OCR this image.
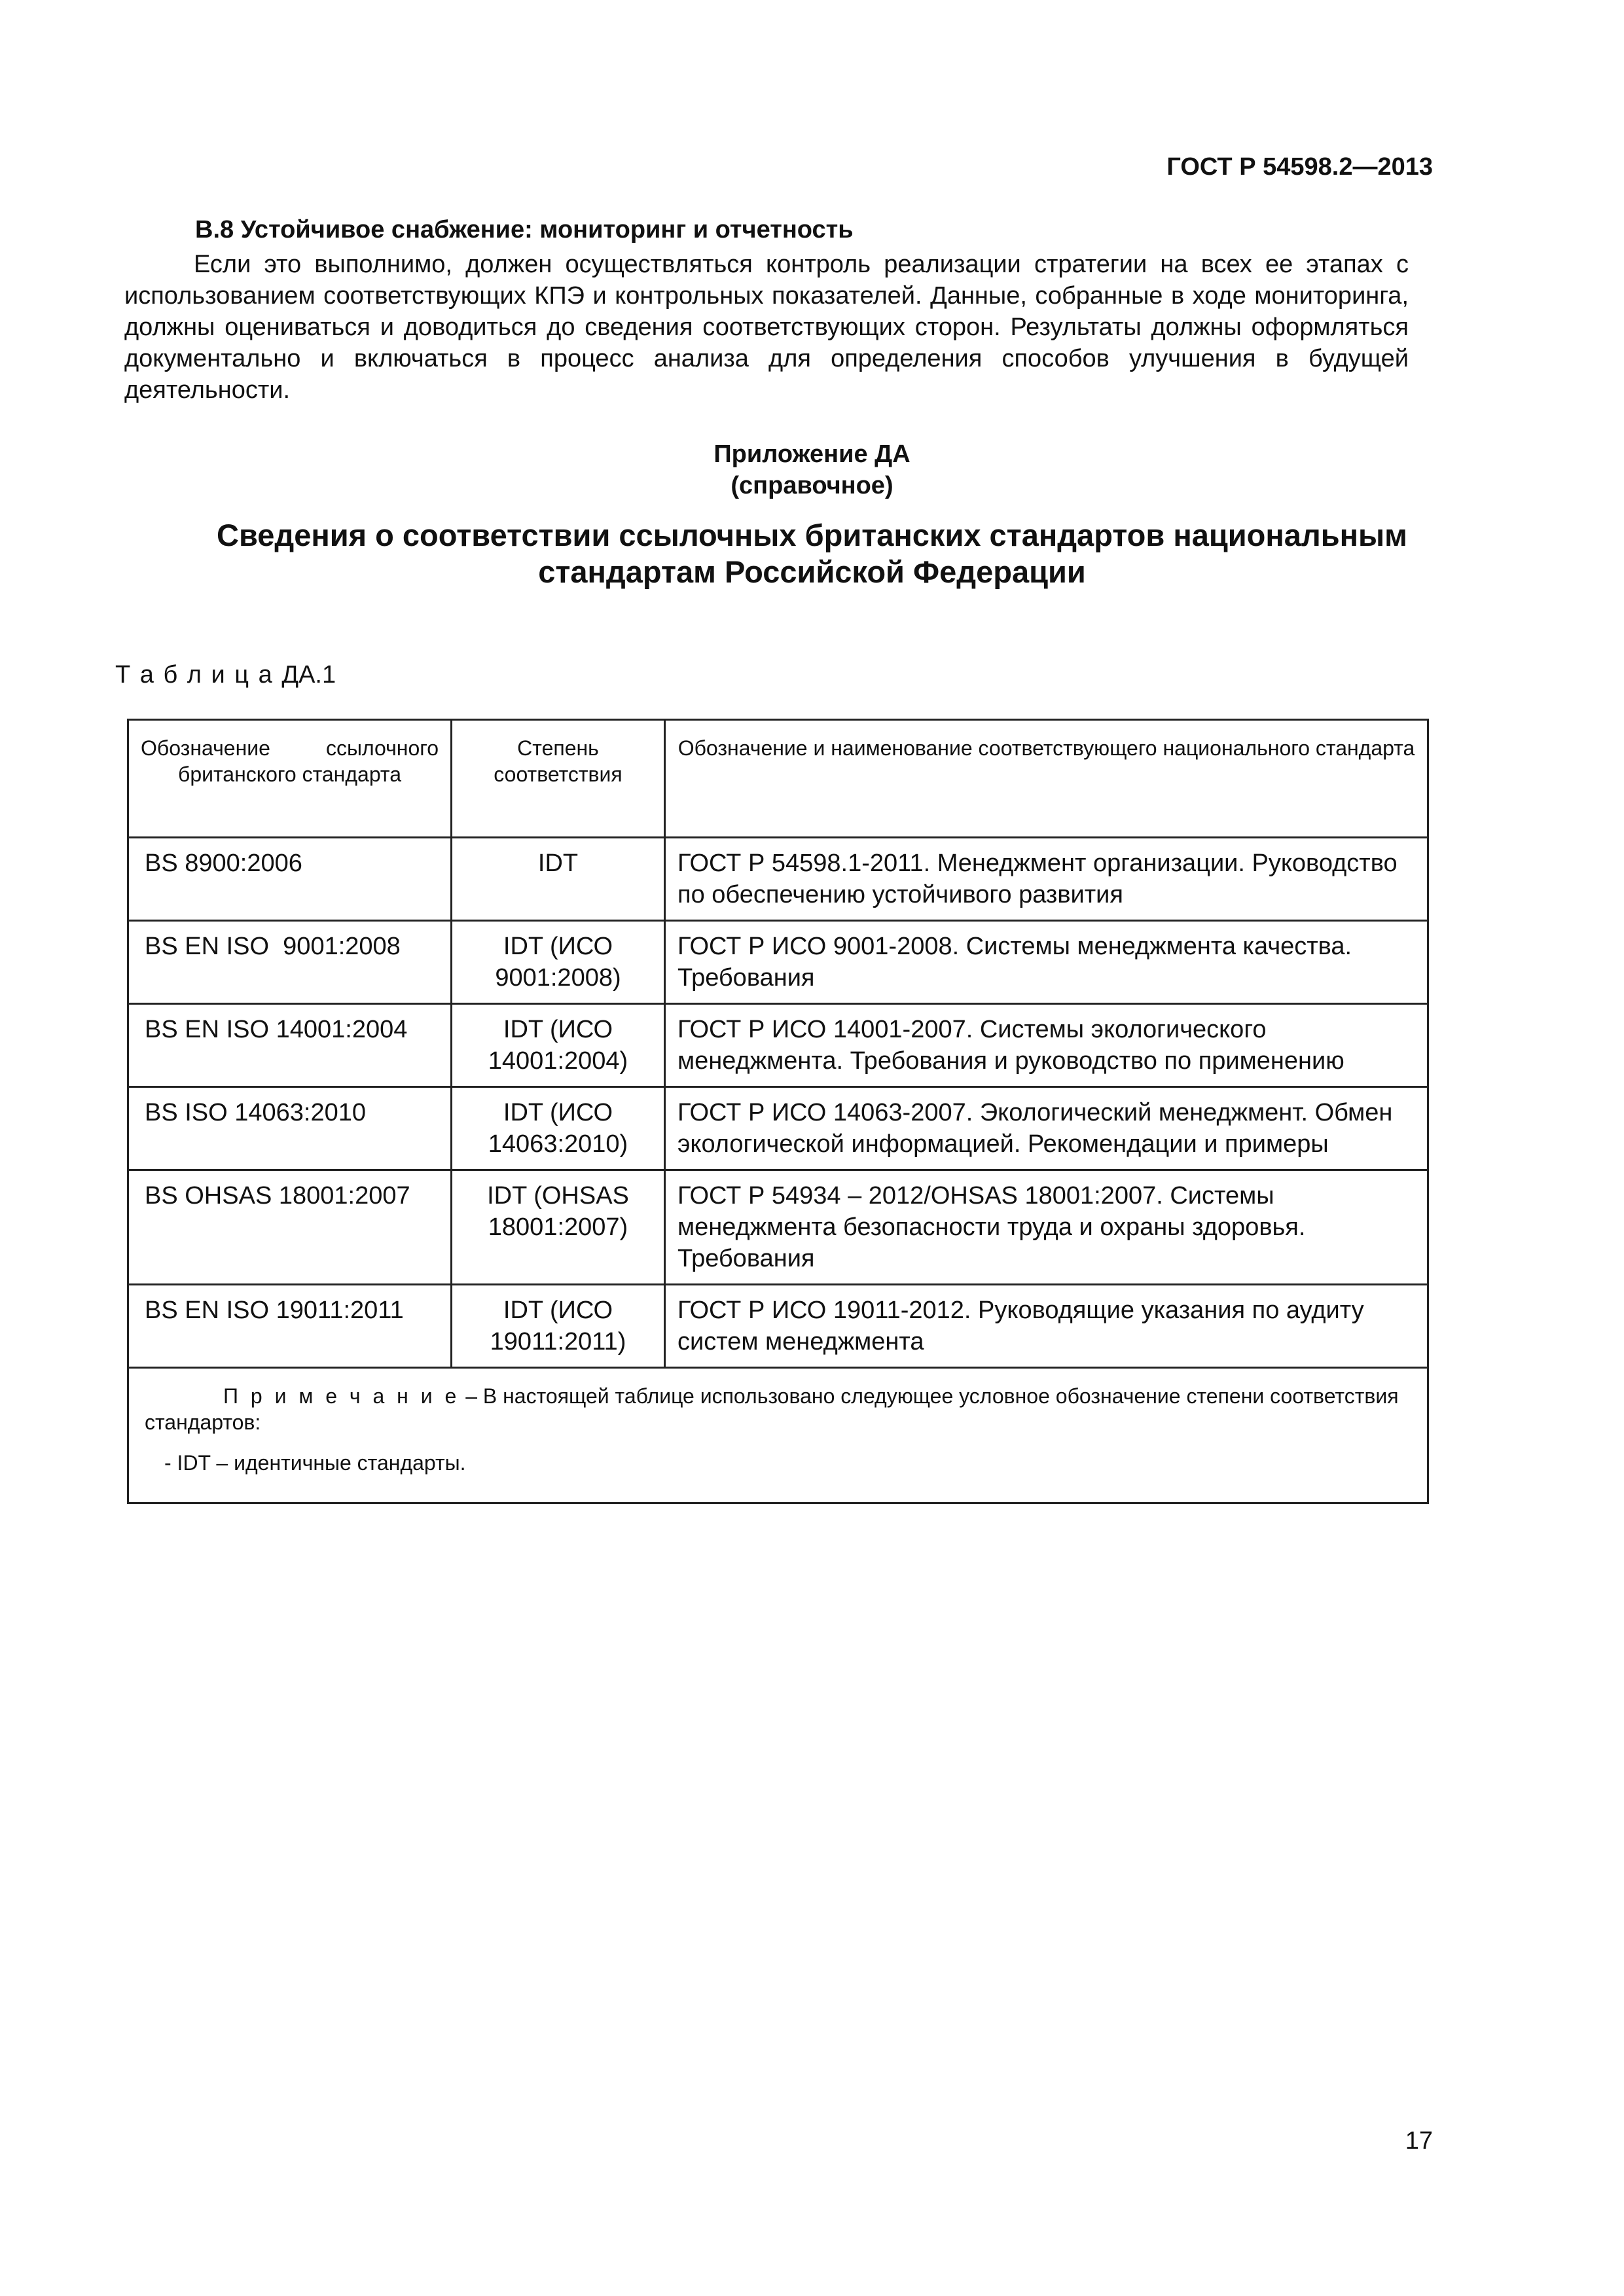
ГОСТ Р 54598.2—2013
В.8 Устойчивое снабжение: мониторинг и отчетность
Если это выполнимо, должен осуществляться контроль реализации стратегии на всех ее этапах с использованием соответствующих КПЭ и контрольных показателей. Данные, собранные в ходе мониторинга, должны оцениваться и доводиться до сведения соответствующих сторон. Результаты должны оформляться документально и включаться в процесс анализа для определения способов улучшения в будущей деятельности.
Приложение ДА
(справочное)
Сведения о соответствии ссылочных британских стандартов национальным
стандартам Российской Федерации
Т а б л и ц а ДА.1
Обозначение ссылочного британского стандарта	Степень соответствия	Обозначение и наименование соответствующего национального стандарта
BS 8900:2006	IDT	ГОСТ Р 54598.1-2011. Менеджмент организации. Руководство по обеспечению устойчивого развития
BS EN ISO  9001:2008	IDT (ИСО 9001:2008)	ГОСТ Р ИСО 9001-2008. Системы менеджмента качества. Требования
BS EN ISO 14001:2004	IDT (ИСО 14001:2004)	ГОСТ Р ИСО 14001-2007. Системы экологического менеджмента. Требования и руководство по применению
BS ISO 14063:2010	IDT (ИСО 14063:2010)	ГОСТ Р ИСО 14063-2007. Экологический менеджмент. Обмен экологической информацией. Рекомендации и примеры
BS OHSAS 18001:2007	IDT (OHSAS 18001:2007)	ГОСТ Р 54934 – 2012/OHSAS 18001:2007. Системы менеджмента безопасности труда и охраны здоровья. Требования
BS EN ISO 19011:2011	IDT (ИСО 19011:2011)	ГОСТ Р ИСО 19011-2012. Руководящие указания по аудиту систем менеджмента

П р и м е ч а н и е – В настоящей таблице использовано следующее условное обозначение степени соответствия стандартов:

- IDT – идентичные стандарты.		

17
